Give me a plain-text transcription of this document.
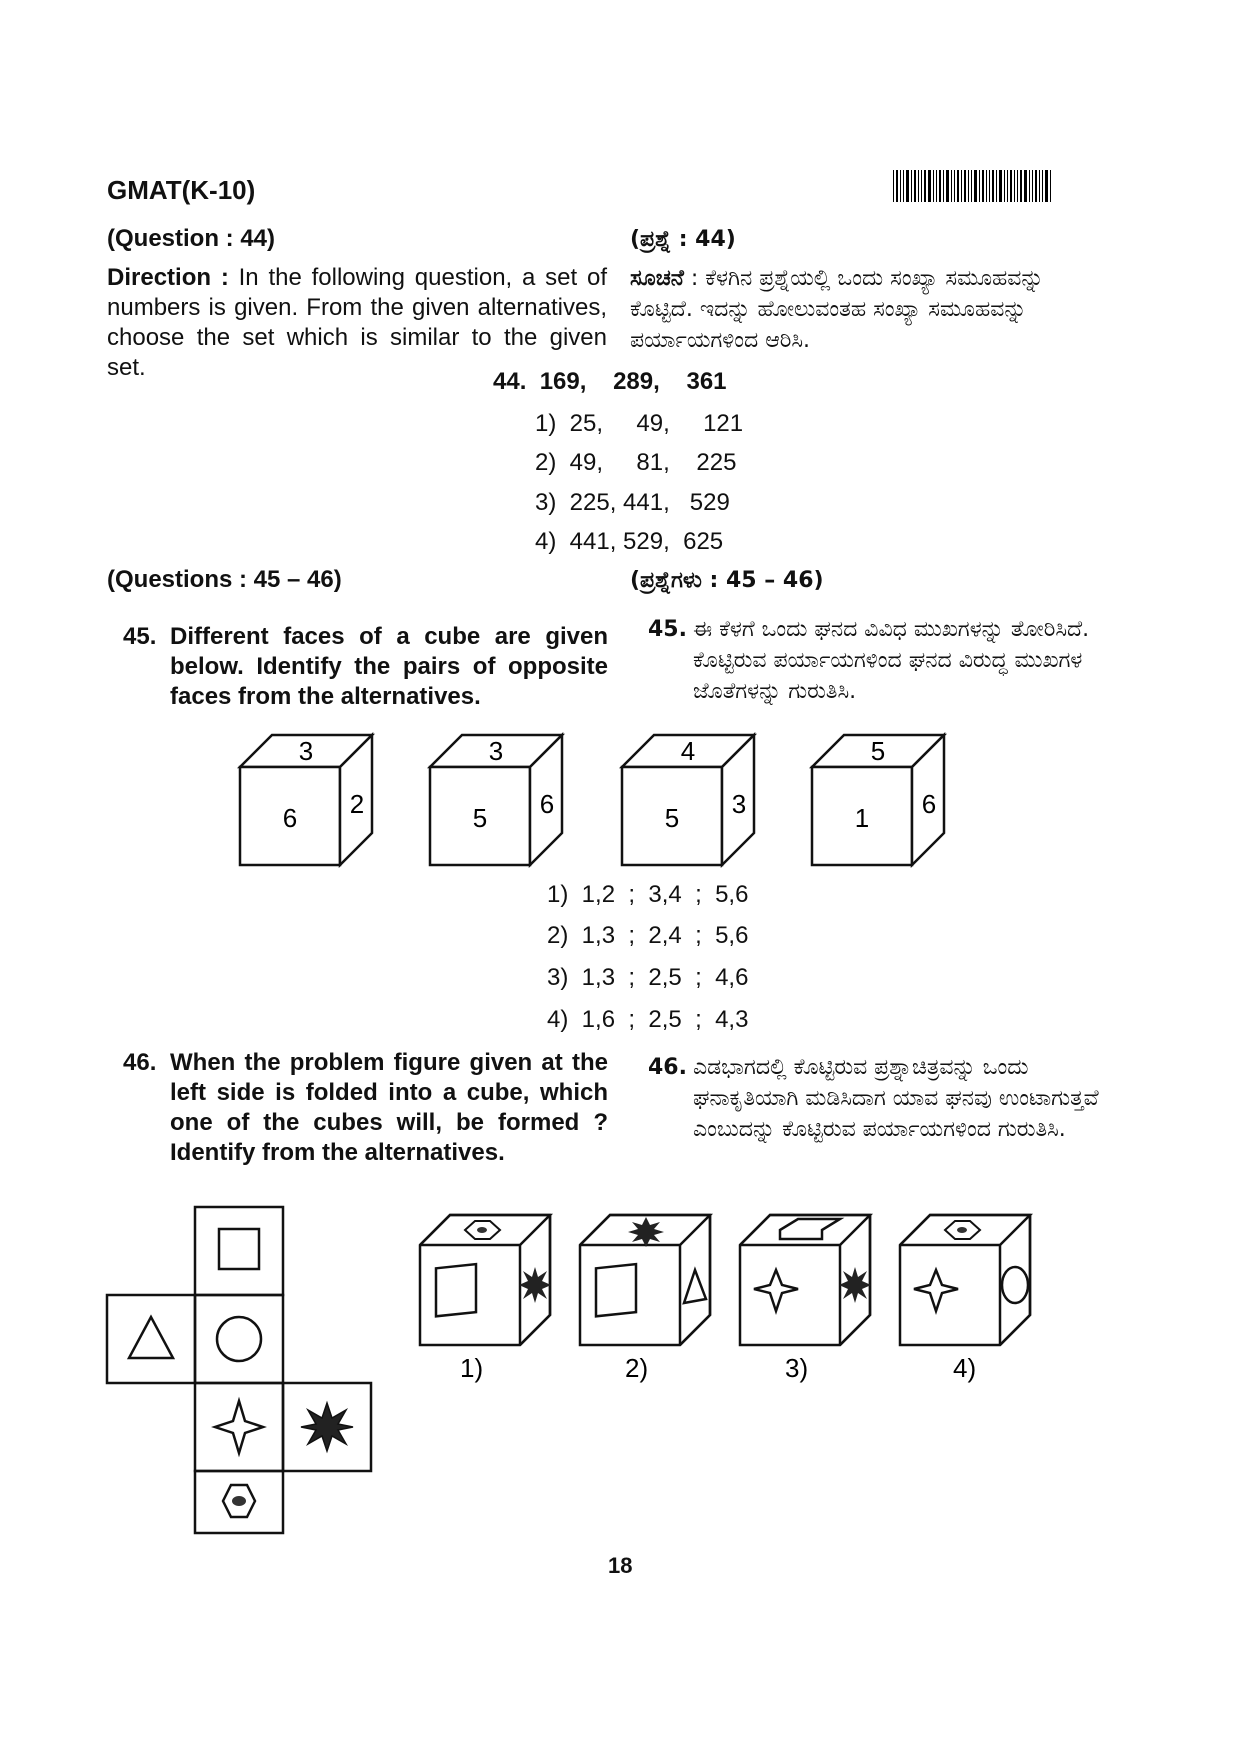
GMAT(K-10)
(Question : 44)	(ಪ್ರಶ್ನೆ : 44)
Direction : In the following question, a set of numbers is given. From the given alternatives, choose the set which is similar to the given set.
ಸೂಚನೆ : ಕೆಳಗಿನ ಪ್ರಶ್ನೆಯಲ್ಲಿ ಒಂದು ಸಂಖ್ಯಾ ಸಮೂಹವನ್ನು ಕೊಟ್ಟಿದೆ. ಇದನ್ನು ಹೋಲುವಂತಹ ಸಂಖ್ಯಾ ಸಮೂಹವನ್ನು ಪರ್ಯಾಯಗಳಿಂದ ಆರಿಸಿ.
44.  169,    289,    361
1)  25,     49,     121
2)  49,     81,    225
3)  225, 441,   529
4)  441, 529,  625
(Questions : 45 – 46)	(ಪ್ರಶ್ನೆಗಳು : 45 – 46)
45. Different faces of a cube are given below. Identify the pairs of opposite faces from the alternatives.
45. ಈ ಕೆಳಗೆ ಒಂದು ಘನದ ವಿವಿಧ ಮುಖಗಳನ್ನು ತೋರಿಸಿದೆ. ಕೊಟ್ಟಿರುವ ಪರ್ಯಾಯಗಳಿಂದ ಘನದ ವಿರುದ್ಧ ಮುಖಗಳ ಜೊತೆಗಳನ್ನು ಗುರುತಿಸಿ.
3
6 2
3
5 6
4
5 3
5
1 6
1)  1,2  ;  3,4  ;  5,6
2)  1,3  ;  2,4  ;  5,6
3)  1,3  ;  2,5  ;  4,6
4)  1,6  ;  2,5  ;  4,3
46. When the problem figure given at the left side is folded into a cube, which one of the cubes will, be formed ? Identify from the alternatives.
46. ಎಡಭಾಗದಲ್ಲಿ ಕೊಟ್ಟಿರುವ ಪ್ರಶ್ನಾಚಿತ್ರವನ್ನು ಒಂದು ಘನಾಕೃತಿಯಾಗಿ ಮಡಿಸಿದಾಗ ಯಾವ ಘನವು ಉಂಟಾಗುತ್ತವೆ ಎಂಬುದನ್ನು ಕೊಟ್ಟಿರುವ ಪರ್ಯಾಯಗಳಿಂದ ಗುರುತಿಸಿ.
1)	2)	3)	4)
18
